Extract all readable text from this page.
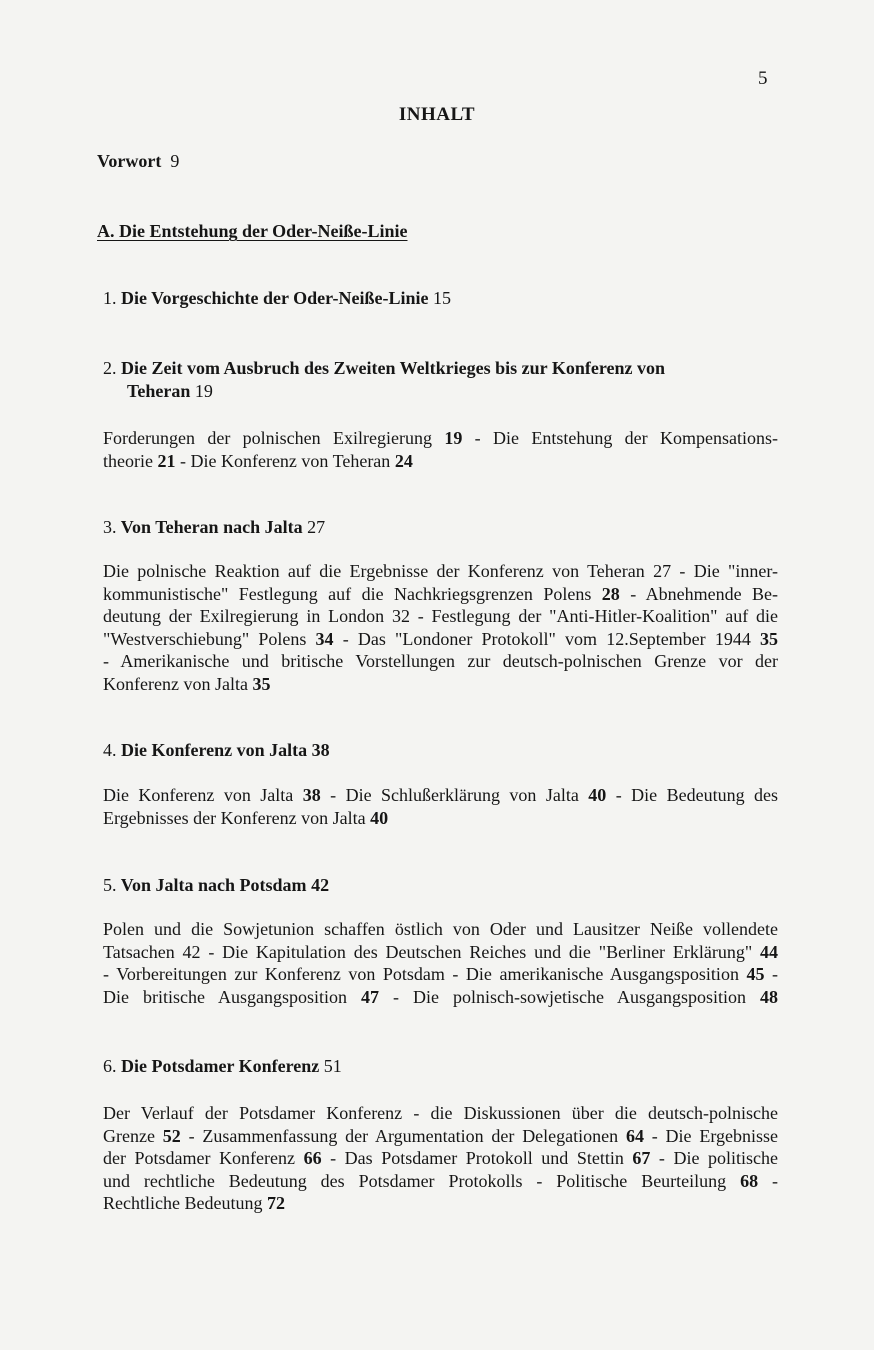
5
INHALT
Vorwort 9
A. Die Entstehung der Oder-Neiße-Linie
1. Die Vorgeschichte der Oder-Neiße-Linie 15
2. Die Zeit vom Ausbruch des Zweiten Weltkrieges bis zur Konferenz von
Teheran 19
Forderungen der polnischen Exilregierung 19 - Die Entstehung der Kompensations-
theorie 21 - Die Konferenz von Teheran 24
3. Von Teheran nach Jalta 27
Die polnische Reaktion auf die Ergebnisse der Konferenz von Teheran 27 - Die "inner-
kommunistische" Festlegung auf die Nachkriegsgrenzen Polens 28 - Abnehmende Be-
deutung der Exilregierung in London 32 - Festlegung der "Anti-Hitler-Koalition" auf die
"Westverschiebung" Polens 34 - Das "Londoner Protokoll" vom 12.September 1944 35
- Amerikanische und britische Vorstellungen zur deutsch-polnischen Grenze vor der
Konferenz von Jalta 35
4. Die Konferenz von Jalta 38
Die Konferenz von Jalta 38 - Die Schlußerklärung von Jalta 40 - Die Bedeutung des
Ergebnisses der Konferenz von Jalta 40
5. Von Jalta nach Potsdam 42
Polen und die Sowjetunion schaffen östlich von Oder und Lausitzer Neiße vollendete
Tatsachen 42 - Die Kapitulation des Deutschen Reiches und die "Berliner Erklärung" 44
- Vorbereitungen zur Konferenz von Potsdam - Die amerikanische Ausgangsposition 45 -
Die britische Ausgangsposition 47 - Die polnisch-sowjetische Ausgangsposition 48
6. Die Potsdamer Konferenz 51
Der Verlauf der Potsdamer Konferenz - die Diskussionen über die deutsch-polnische
Grenze 52 - Zusammenfassung der Argumentation der Delegationen 64 - Die Ergebnisse
der Potsdamer Konferenz 66 - Das Potsdamer Protokoll und Stettin 67 - Die politische
und rechtliche Bedeutung des Potsdamer Protokolls - Politische Beurteilung 68 -
Rechtliche Bedeutung 72
